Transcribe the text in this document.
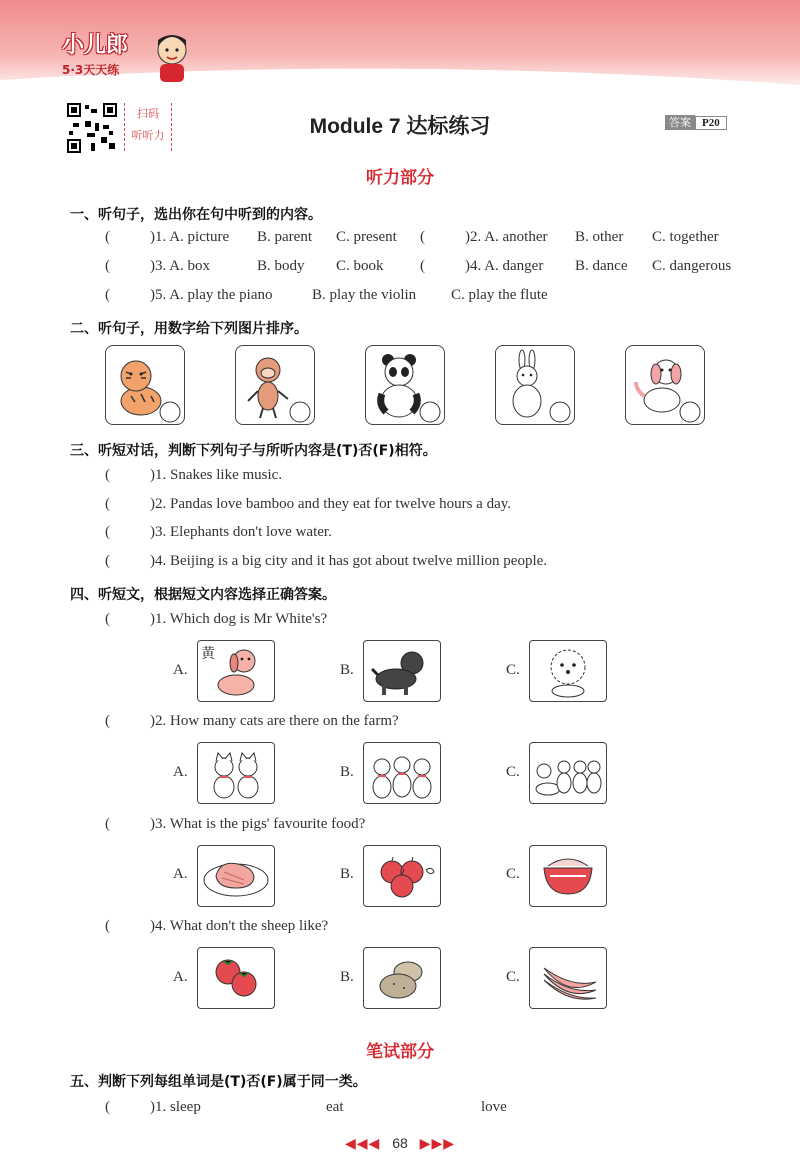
小儿郎
5·3天天练
扫码
听听力	Module 7 达标练习	答案 P20
听力部分
一、听句子，选出你在句中听到的内容。
(	)1. A. picture B. parent C. present (	)2. A. another B. other C. together
(	)3. A. box	B. body C. book (	)4. A. danger B. dance C. dangerous
(	)5. A. play the piano	B. play the violin C. play the flute
二、听句子，用数字给下列图片排序。
三、听短对话，判断下列句子与所听内容是(T)否(F)相符。
(	)1. Snakes like music.
(	)2. Pandas love bamboo and they eat for twelve hours a day.
(	)3. Elephants don't love water.
(	)4. Beijing is a big city and it has got about twelve million people.
四、听短文，根据短文内容选择正确答案。
(	)1. Which dog is Mr White's?
A.
黄
B.	C.
(	)2. How many cats are there on the farm?
A.	B.	C.
(	)3. What is the pigs' favourite food?
A.	B.	C.
(	)4. What don't the sheep like?
A.	B.	C.
笔试部分
五、判断下列每组单词是(T)否(F)属于同一类。
(	)1. sleep	eat	love
◀◀◀ 68 ▶▶▶
